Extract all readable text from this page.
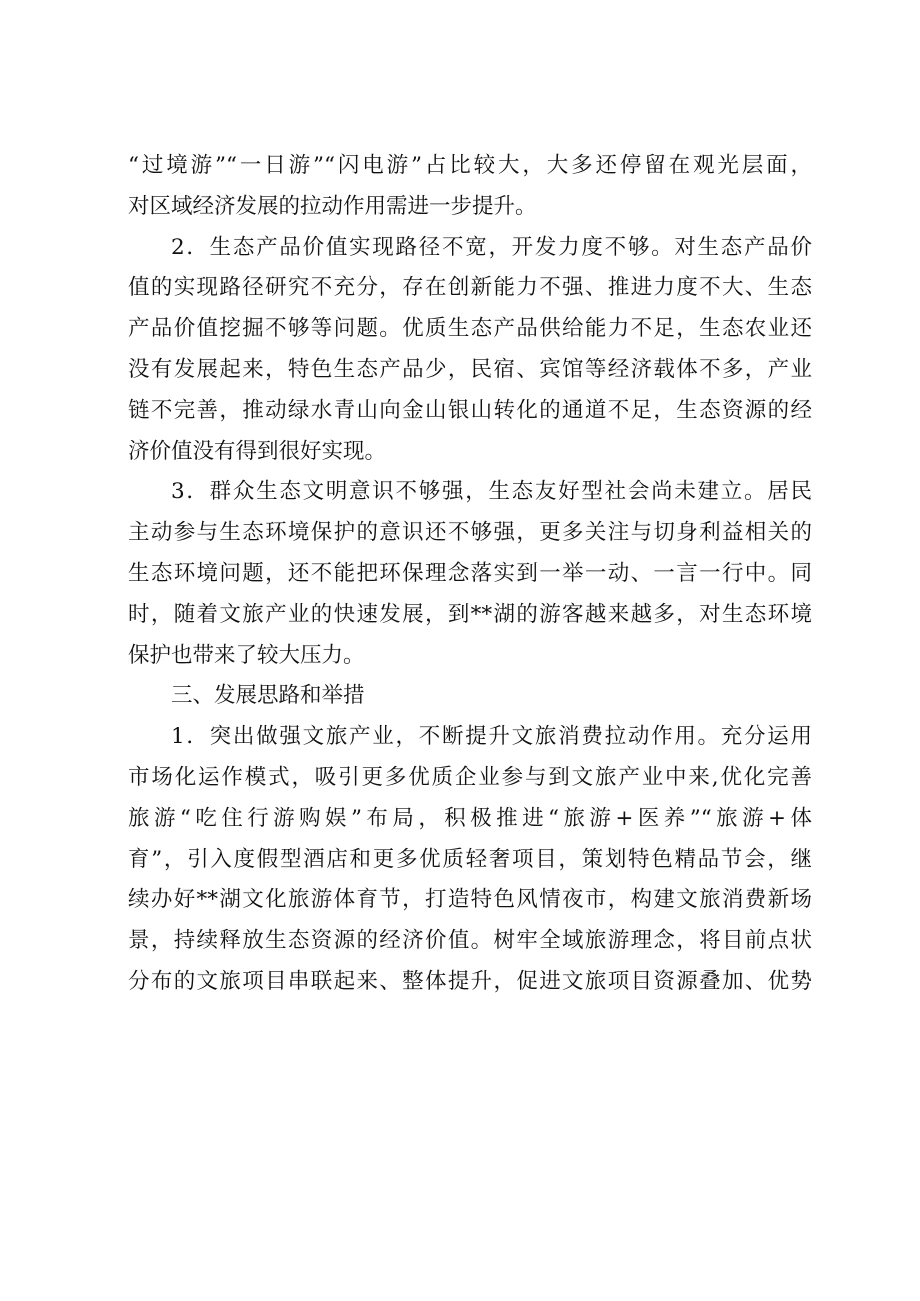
“过境游”“一日游”“闪电游”占比较大，大多还停留在观光层面，
对区域经济发展的拉动作用需进一步提升。
2．生态产品价值实现路径不宽，开发力度不够。对生态产品价
值的实现路径研究不充分，存在创新能力不强、推进力度不大、生态
产品价值挖掘不够等问题。优质生态产品供给能力不足，生态农业还
没有发展起来，特色生态产品少，民宿、宾馆等经济载体不多，产业
链不完善，推动绿水青山向金山银山转化的通道不足，生态资源的经
济价值没有得到很好实现。
3．群众生态文明意识不够强，生态友好型社会尚未建立。居民
主动参与生态环境保护的意识还不够强，更多关注与切身利益相关的
生态环境问题，还不能把环保理念落实到一举一动、一言一行中。同
时，随着文旅产业的快速发展，到**湖的游客越来越多，对生态环境
保护也带来了较大压力。
三、发展思路和举措
1．突出做强文旅产业，不断提升文旅消费拉动作用。充分运用
市场化运作模式，吸引更多优质企业参与到文旅产业中来,优化完善
旅游“吃住行游购娱”布局，积极推进“旅游+医养”“旅游+体
育”，引入度假型酒店和更多优质轻奢项目，策划特色精品节会，继
续办好**湖文化旅游体育节，打造特色风情夜市，构建文旅消费新场
景，持续释放生态资源的经济价值。树牢全域旅游理念，将目前点状
分布的文旅项目串联起来、整体提升，促进文旅项目资源叠加、优势
